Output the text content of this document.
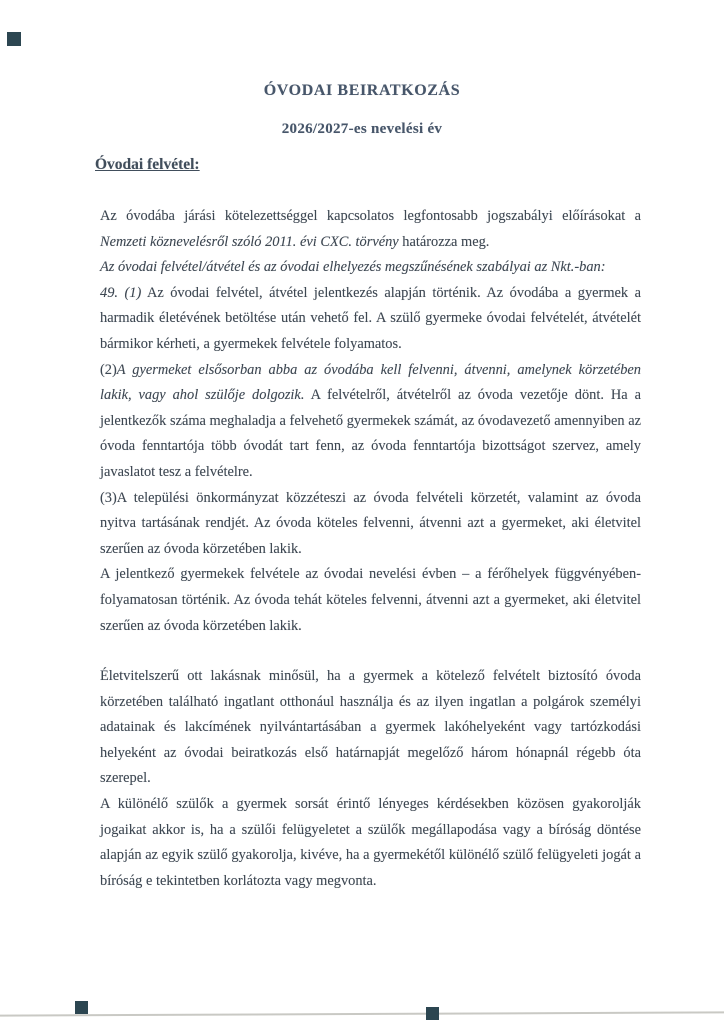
ÓVODAI BEIRATKOZÁS
2026/2027-es nevelési év
Óvodai felvétel:

Az óvodába járási kötelezettséggel kapcsolatos legfontosabb jogszabályi előírásokat a Nemzeti köznevelésről szóló 2011. évi CXC. törvény határozza meg.

Az óvodai felvétel/átvétel és az óvodai elhelyezés megszűnésének szabályai az Nkt.-ban:

49. (1) Az óvodai felvétel, átvétel jelentkezés alapján történik. Az óvodába a gyermek a harmadik életévének betöltése után vehető fel. A szülő gyermeke óvodai felvételét, átvételét bármikor kérheti, a gyermekek felvétele folyamatos.

(2)A gyermeket elsősorban abba az óvodába kell felvenni, átvenni, amelynek körzetében lakik, vagy ahol szülője dolgozik. A felvételről, átvételről az óvoda vezetője dönt. Ha a jelentkezők száma meghaladja a felvehető gyermekek számát, az óvodavezető amennyiben az óvoda fenntartója több óvodát tart fenn, az óvoda fenntartója bizottságot szervez, amely javaslatot tesz a felvételre.

(3)A települési önkormányzat közzéteszi az óvoda felvételi körzetét, valamint az óvoda nyitva tartásának rendjét. Az óvoda köteles felvenni, átvenni azt a gyermeket, aki életvitel szerűen az óvoda körzetében lakik.

A jelentkező gyermekek felvétele az óvodai nevelési évben – a férőhelyek függvényében- folyamatosan történik. Az óvoda tehát köteles felvenni, átvenni azt a gyermeket, aki életvitel szerűen az óvoda körzetében lakik.

Életvitelszerű ott lakásnak minősül, ha a gyermek a kötelező felvételt biztosító óvoda körzetében található ingatlant otthonául használja és az ilyen ingatlan a polgárok személyi adatainak és lakcímének nyilvántartásában a gyermek lakóhelyeként vagy tartózkodási helyeként az óvodai beiratkozás első határnapját megelőző három hónapnál régebb óta szerepel.

A különélő szülők a gyermek sorsát érintő lényeges kérdésekben közösen gyakorolják jogaikat akkor is, ha a szülői felügyeletet a szülők megállapodása vagy a bíróság döntése alapján az egyik szülő gyakorolja, kivéve, ha a gyermekétől különélő szülő felügyeleti jogát a bíróság e tekintetben korlátozta vagy megvonta.
